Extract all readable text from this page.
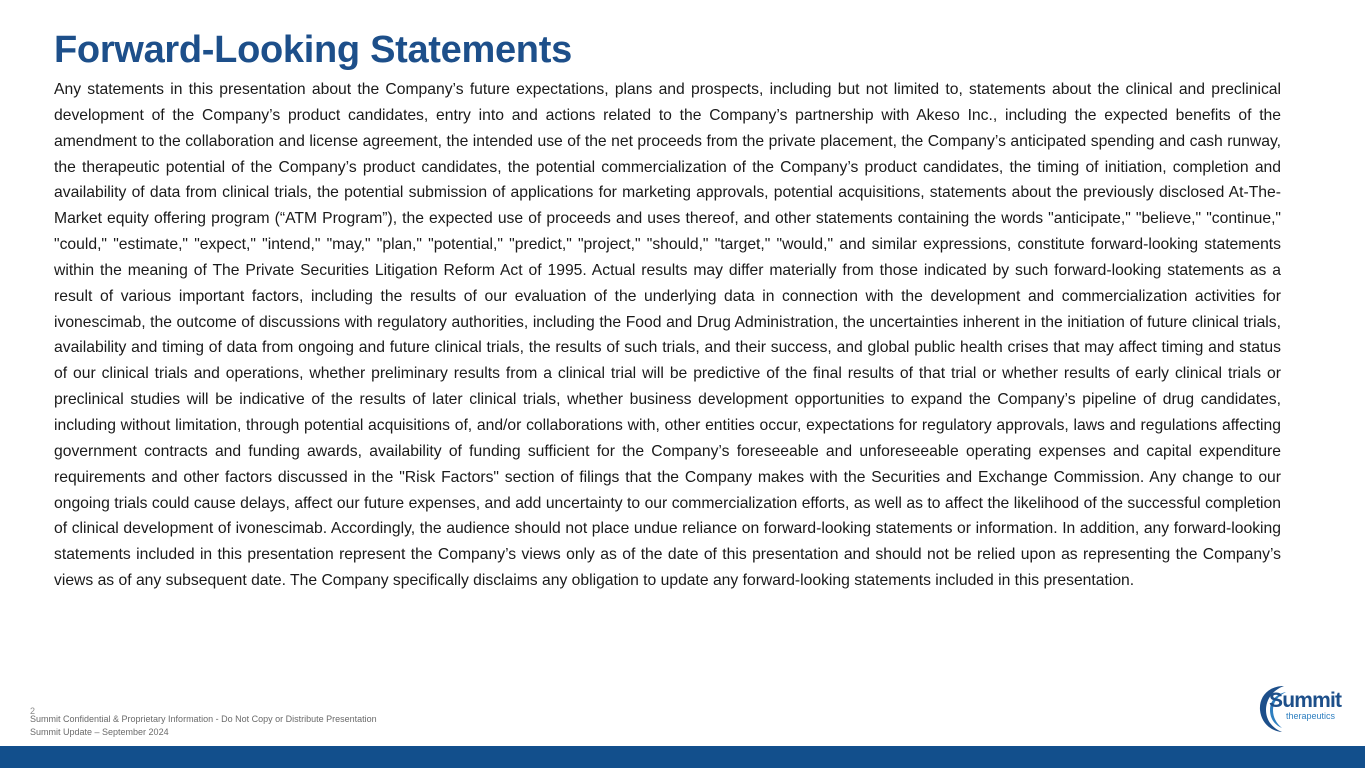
Forward-Looking Statements

Any statements in this presentation about the Company’s future expectations, plans and prospects, including but not limited to, statements about the clinical and preclinical development of the Company’s product candidates, entry into and actions related to the Company’s partnership with Akeso Inc., including the expected benefits of the amendment to the collaboration and license agreement, the intended use of the net proceeds from the private placement, the Company’s anticipated spending and cash runway, the therapeutic potential of the Company’s product candidates, the potential commercialization of the Company’s product candidates, the timing of initiation, completion and availability of data from clinical trials, the potential submission of applications for marketing approvals, potential acquisitions, statements about the previously disclosed At-The-Market equity offering program (“ATM Program”), the expected use of proceeds and uses thereof, and other statements containing the words "anticipate," "believe," "continue," "could," "estimate," "expect," "intend," "may," "plan," "potential," "predict," "project," "should," "target," "would," and similar expressions, constitute forward-looking statements within the meaning of The Private Securities Litigation Reform Act of 1995. Actual results may differ materially from those indicated by such forward-looking statements as a result of various important factors, including the results of our evaluation of the underlying data in connection with the development and commercialization activities for ivonescimab, the outcome of discussions with regulatory authorities, including the Food and Drug Administration, the uncertainties inherent in the initiation of future clinical trials, availability and timing of data from ongoing and future clinical trials, the results of such trials, and their success, and global public health crises that may affect timing and status of our clinical trials and operations, whether preliminary results from a clinical trial will be predictive of the final results of that trial or whether results of early clinical trials or preclinical studies will be indicative of the results of later clinical trials, whether business development opportunities to expand the Company’s pipeline of drug candidates, including without limitation, through potential acquisitions of, and/or collaborations with, other entities occur, expectations for regulatory approvals, laws and regulations affecting government contracts and funding awards, availability of funding sufficient for the Company’s foreseeable and unforeseeable operating expenses and capital expenditure requirements and other factors discussed in the "Risk Factors" section of filings that the Company makes with the Securities and Exchange Commission. Any change to our ongoing trials could cause delays, affect our future expenses, and add uncertainty to our commercialization efforts, as well as to affect the likelihood of the successful completion of clinical development of ivonescimab. Accordingly, the audience should not place undue reliance on forward-looking statements or information. In addition, any forward-looking statements included in this presentation represent the Company’s views only as of the date of this presentation and should not be relied upon as representing the Company’s views as of any subsequent date. The Company specifically disclaims any obligation to update any forward-looking statements included in this presentation.

2
Summit Confidential & Proprietary Information - Do Not Copy or Distribute Presentation
Summit Update – September 2024
Summit
therapeutics
